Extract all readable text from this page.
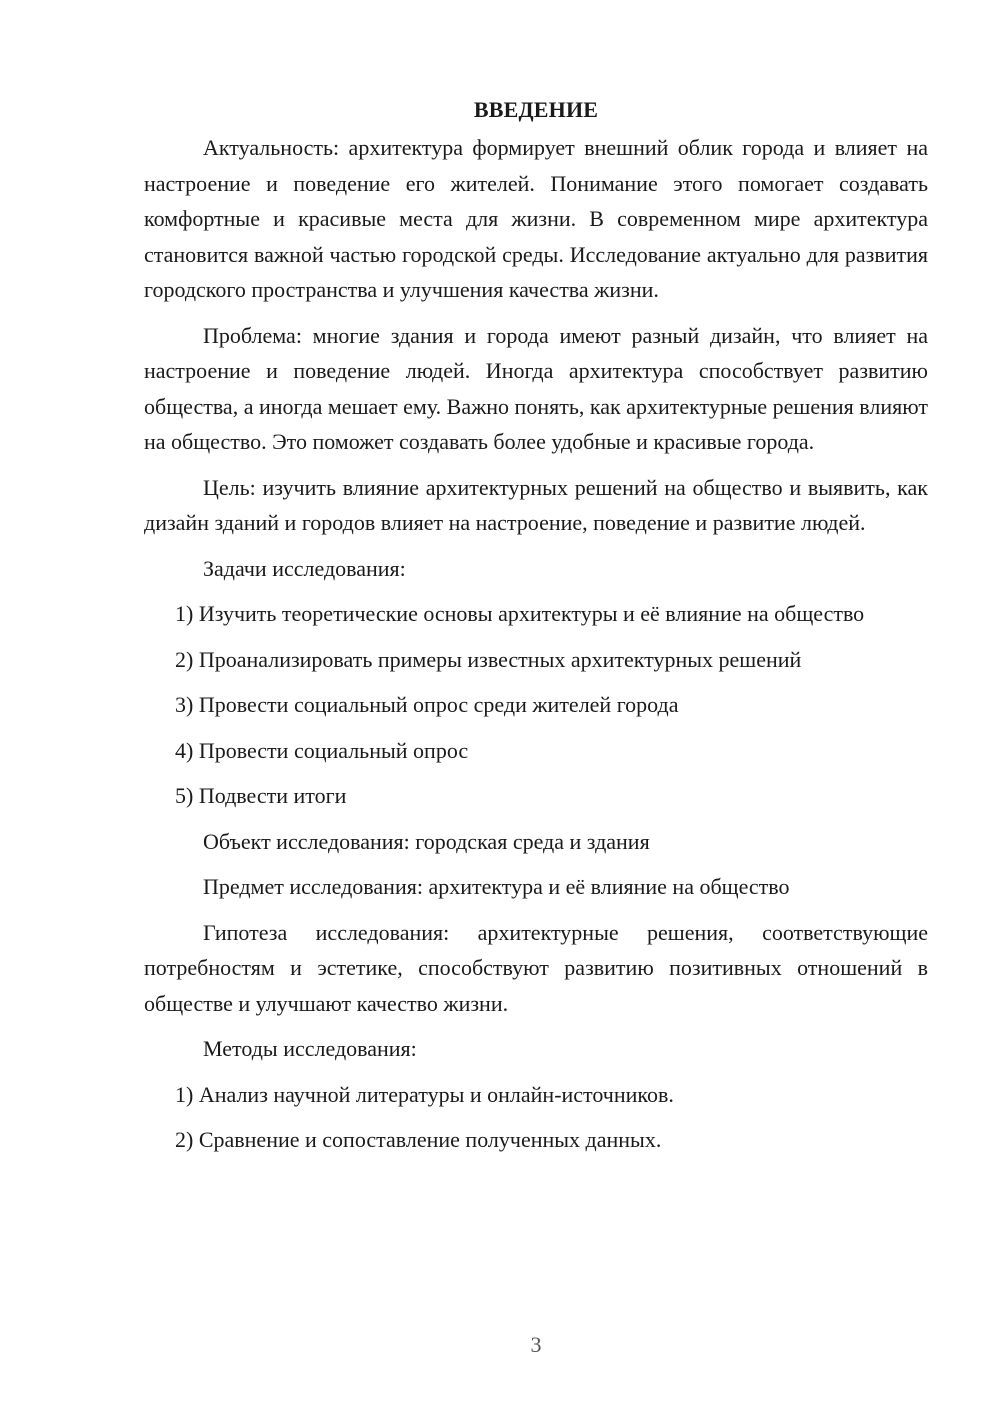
ВВЕДЕНИЕ

Актуальность: архитектура формирует внешний облик города и влияет на настроение и поведение его жителей. Понимание этого помогает создавать комфортные и красивые места для жизни. В современном мире архитектура становится важной частью городской среды. Исследование актуально для развития городского пространства и улучшения качества жизни.

Проблема: многие здания и города имеют разный дизайн, что влияет на настроение и поведение людей. Иногда архитектура способствует развитию общества, а иногда мешает ему. Важно понять, как архитектурные решения влияют на общество. Это поможет создавать более удобные и красивые города.

Цель: изучить влияние архитектурных решений на общество и выявить, как дизайн зданий и городов влияет на настроение, поведение и развитие людей.

Задачи исследования:

1) Изучить теоретические основы архитектуры и её влияние на общество

2) Проанализировать примеры известных архитектурных решений

3) Провести социальный опрос среди жителей города

4) Провести социальный опрос

5) Подвести итоги

Объект исследования: городская среда и здания

Предмет исследования: архитектура и её влияние на общество

Гипотеза исследования: архитектурные решения, соответствующие потребностям и эстетике, способствуют развитию позитивных отношений в обществе и улучшают качество жизни.

Методы исследования:

1) Анализ научной литературы и онлайн-источников.

2) Сравнение и сопоставление полученных данных.

3
